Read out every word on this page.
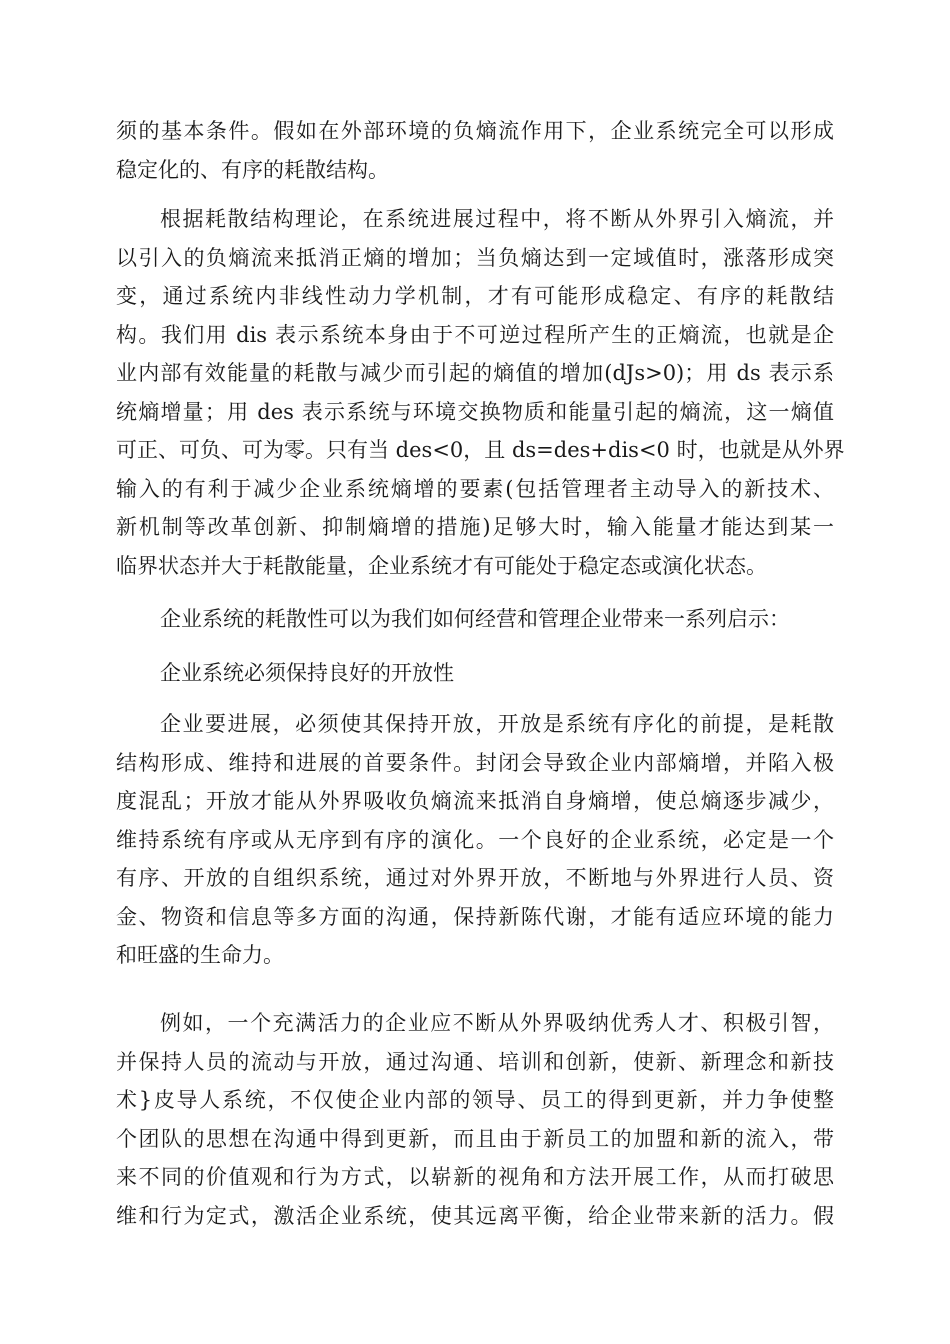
须的基本条件。假如在外部环境的负熵流作用下，企业系统完全可以形成
稳定化的、有序的耗散结构。
根据耗散结构理论，在系统进展过程中，将不断从外界引入熵流，并
以引入的负熵流来抵消正熵的增加；当负熵达到一定域值时，涨落形成突
变，通过系统内非线性动力学机制，才有可能形成稳定、有序的耗散结
构。我们用 dis 表示系统本身由于不可逆过程所产生的正熵流，也就是企
业内部有效能量的耗散与减少而引起的熵值的增加(dJs>0)；用 ds 表示系
统熵增量；用 des 表示系统与环境交换物质和能量引起的熵流，这一熵值
可正、可负、可为零。只有当 des<0，且 ds=des+dis<0 时，也就是从外界
输入的有利于减少企业系统熵增的要素(包括管理者主动导入的新技术、
新机制等改革创新、抑制熵增的措施)足够大时，输入能量才能达到某一
临界状态并大于耗散能量，企业系统才有可能处于稳定态或演化状态。
企业系统的耗散性可以为我们如何经营和管理企业带来一系列启示：
企业系统必须保持良好的开放性
企业要进展，必须使其保持开放，开放是系统有序化的前提，是耗散
结构形成、维持和进展的首要条件。封闭会导致企业内部熵增，并陷入极
度混乱；开放才能从外界吸收负熵流来抵消自身熵增，使总熵逐步减少，
维持系统有序或从无序到有序的演化。一个良好的企业系统，必定是一个
有序、开放的自组织系统，通过对外界开放，不断地与外界进行人员、资
金、物资和信息等多方面的沟通，保持新陈代谢，才能有适应环境的能力
和旺盛的生命力。
例如，一个充满活力的企业应不断从外界吸纳优秀人才、积极引智，
并保持人员的流动与开放，通过沟通、培训和创新，使新、新理念和新技
术}皮导人系统，不仅使企业内部的领导、员工的得到更新，并力争使整
个团队的思想在沟通中得到更新，而且由于新员工的加盟和新的流入，带
来不同的价值观和行为方式，以崭新的视角和方法开展工作，从而打破思
维和行为定式，激活企业系统，使其远离平衡，给企业带来新的活力。假
